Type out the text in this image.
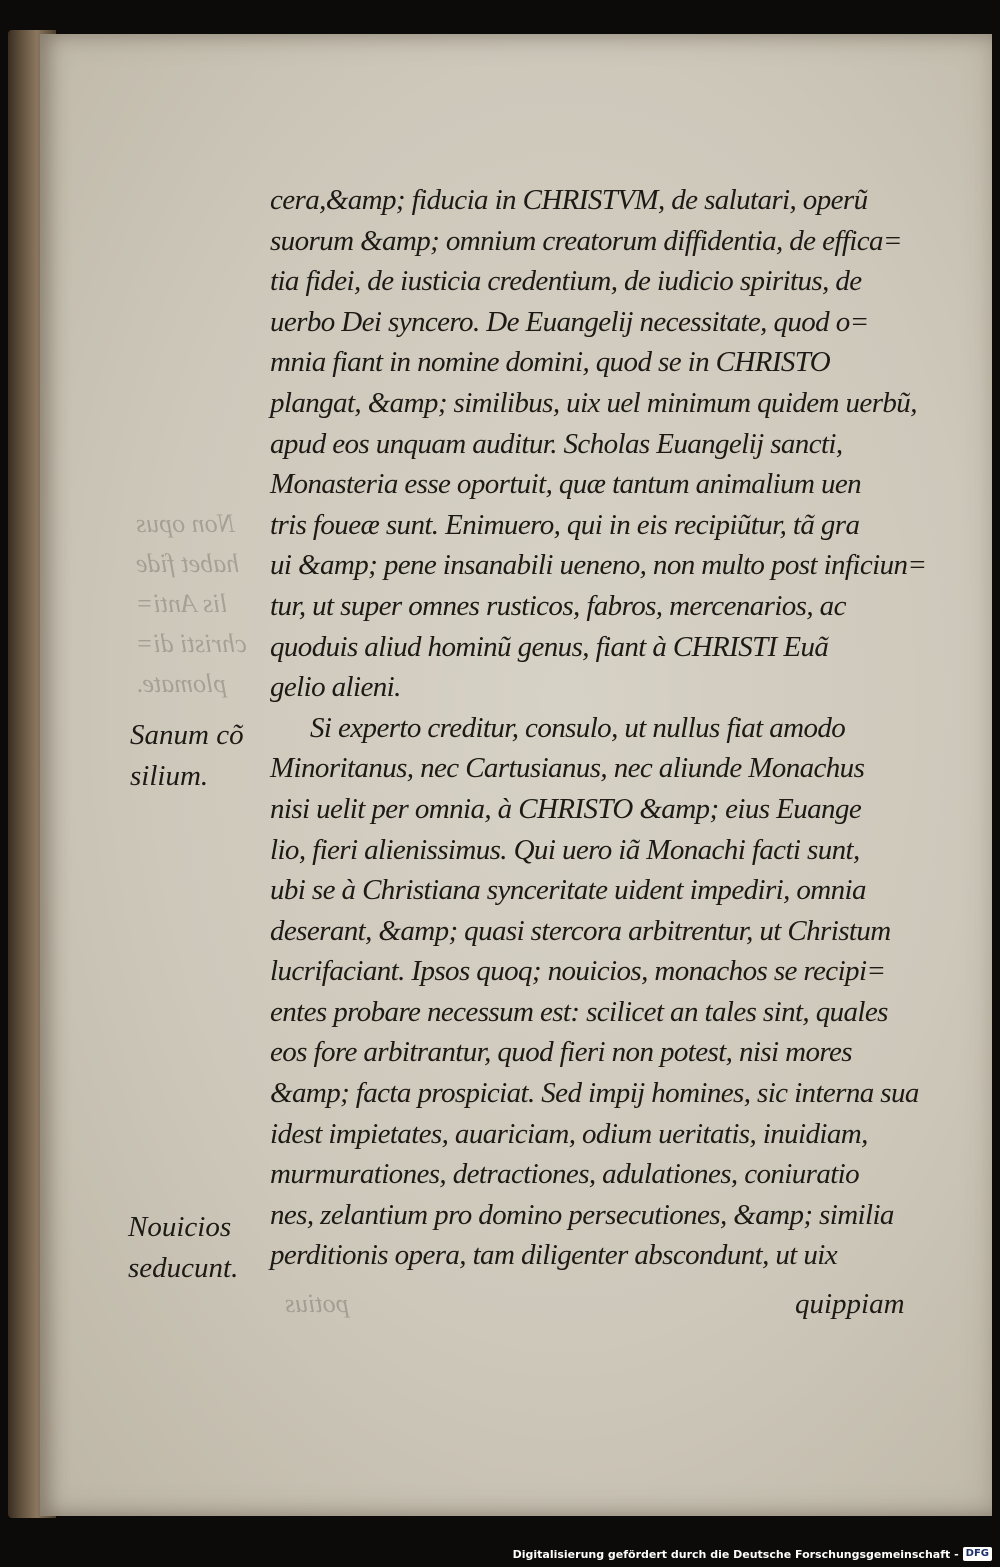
Non opus
habet fide
lis Anti=
christi di=
plomate.
potius
cera,&amp; fiducia in CHRISTVM, de salutari, operũ
suorum &amp; omnium creatorum diffidentia, de effica=
tia fidei, de iusticia credentium, de iudicio spiritus, de
uerbo Dei syncero. De Euangelij necessitate, quod o=
mnia fiant in nomine domini, quod se in CHRISTO
plangat, &amp; similibus, uix uel minimum quidem uerbũ,
apud eos unquam auditur. Scholas Euangelij sancti,
Monasteria esse oportuit, quæ tantum animalium uen
tris foueæ sunt. Enimuero, qui in eis recipiũtur, tã gra
ui &amp; pene insanabili ueneno, non multo post inficiun=
tur, ut super omnes rusticos, fabros, mercenarios, ac
quoduis aliud hominũ genus, fiant à CHRISTI Euã
gelio alieni.
Si experto creditur, consulo, ut nullus fiat amodo
Minoritanus, nec Cartusianus, nec aliunde Monachus
nisi uelit per omnia, à CHRISTO &amp; eius Euange
lio, fieri alienissimus. Qui uero iã Monachi facti sunt,
ubi se à Christiana synceritate uident impediri, omnia
deserant, &amp; quasi stercora arbitrentur, ut Christum
lucrifaciant. Ipsos quoq; nouicios, monachos se recipi=
entes probare necessum est: scilicet an tales sint, quales
eos fore arbitrantur, quod fieri non potest, nisi mores
&amp; facta prospiciat. Sed impij homines, sic interna sua
idest impietates, auariciam, odium ueritatis, inuidiam,
murmurationes, detractiones, adulationes, coniuratio
nes, zelantium pro domino persecutiones, &amp; similia
perditionis opera, tam diligenter abscondunt, ut uix
quippiam
Sanum cõ
silium.
Nouicios
seducunt.
Digitalisierung gefördert durch die Deutsche Forschungsgemeinschaft - DFG
